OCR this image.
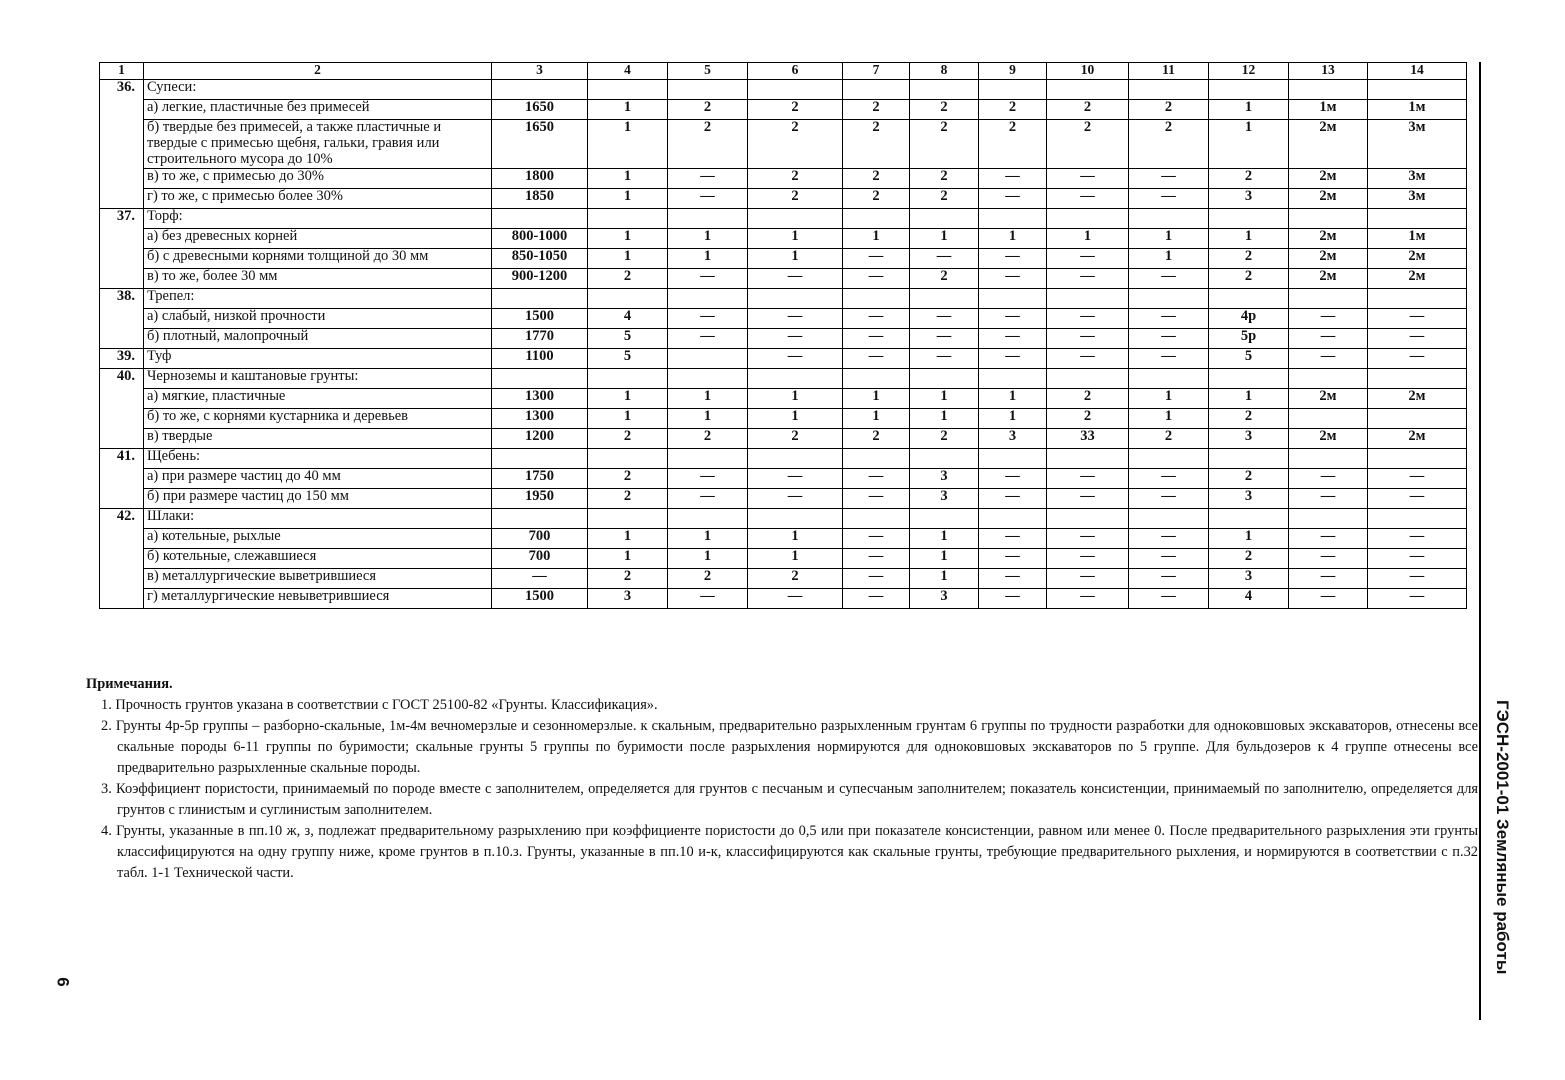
1	2	3	4	5	6	7	8	9	10	11	12	13	14
36.	Супеси:												
	а) легкие, пластичные без примесей	1650	1	2	2	2	2	2	2	2	1	1м	1м
	б) твердые без примесей, а также пластичные и твердые с примесью щебня, гальки, гравия или строительного мусора до 10%	1650	1	2	2	2	2	2	2	2	1	2м	3м
	в) то же, с примесью до 30%	1800	1	—	2	2	2	—	—	—	2	2м	3м
	г) то же, с примесью более 30%	1850	1	—	2	2	2	—	—	—	3	2м	3м
37.	Торф:												
	а) без древесных корней	800-1000	1	1	1	1	1	1	1	1	1	2м	1м
	б) с древесными корнями толщиной до 30 мм	850-1050	1	1	1	—	—	—	—	1	2	2м	2м
	в) то же, более 30 мм	900-1200	2	—	—	—	2	—	—	—	2	2м	2м
38.	Трепел:												
	а) слабый, низкой прочности	1500	4	—	—	—	—	—	—	—	4р	—	—
	б) плотный, малопрочный	1770	5	—	—	—	—	—	—	—	5р	—	—
39.	Туф	1100	5		—	—	—	—	—	—	5	—	—
40.	Черноземы и каштановые грунты:												
	а) мягкие, пластичные	1300	1	1	1	1	1	1	2	1	1	2м	2м
	б) то же, с корнями кустарника и деревьев	1300	1	1	1	1	1	1	2	1	2		
	в) твердые	1200	2	2	2	2	2	3	33	2	3	2м	2м
41.	Щебень:												
	а) при размере частиц до 40 мм	1750	2	—	—	—	3	—	—	—	2	—	—
	б) при размере частиц до 150 мм	1950	2	—	—	—	3	—	—	—	3	—	—
42.	Шлаки:												
	а) котельные, рыхлые	700	1	1	1	—	1	—	—	—	1	—	—
	б) котельные, слежавшиеся	700	1	1	1	—	1	—	—	—	2	—	—
	в) металлургические выветрившиеся	—	2	2	2	—	1	—	—	—	3	—	—
	г) металлургические невыветрившиеся	1500	3	—	—	—	3	—	—	—	4	—	—
Примечания.
1. Прочность грунтов указана в соответствии с ГОСТ 25100-82 «Грунты. Классификация».
2. Грунты 4р-5р группы – разборно-скальные, 1м-4м вечномерзлые и сезонномерзлые. к скальным, предварительно разрыхленным грунтам 6 группы по трудности разработки для одноковшовых экскаваторов, отнесены все скальные породы 6-11 группы по буримости; скальные грунты 5 группы по буримости после разрыхления нормируются для одноковшовых экскаваторов по 5 группе. Для бульдозеров к 4 группе отнесены все предварительно разрыхленные скальные породы.
3. Коэффициент пористости, принимаемый по породе вместе с заполнителем, определяется для грунтов с песчаным и супесчаным заполнителем; показатель консистенции, принимаемый по заполнителю, определяется для грунтов с глинистым и суглинистым заполнителем.
4. Грунты, указанные в пп.10 ж, з, подлежат предварительному разрыхлению при коэффициенте пористости до 0,5 или при показателе консистенции, равном или менее 0. После предварительного разрыхления эти грунты классифицируются на одну группу ниже, кроме грунтов в п.10.з. Грунты, указанные в пп.10 и-к, классифицируются как скальные грунты, требующие предварительного рыхления, и нормируются в соответствии с п.32 табл. 1-1 Технической части.	ГЭСН-2001-01 Земляные работы
6
